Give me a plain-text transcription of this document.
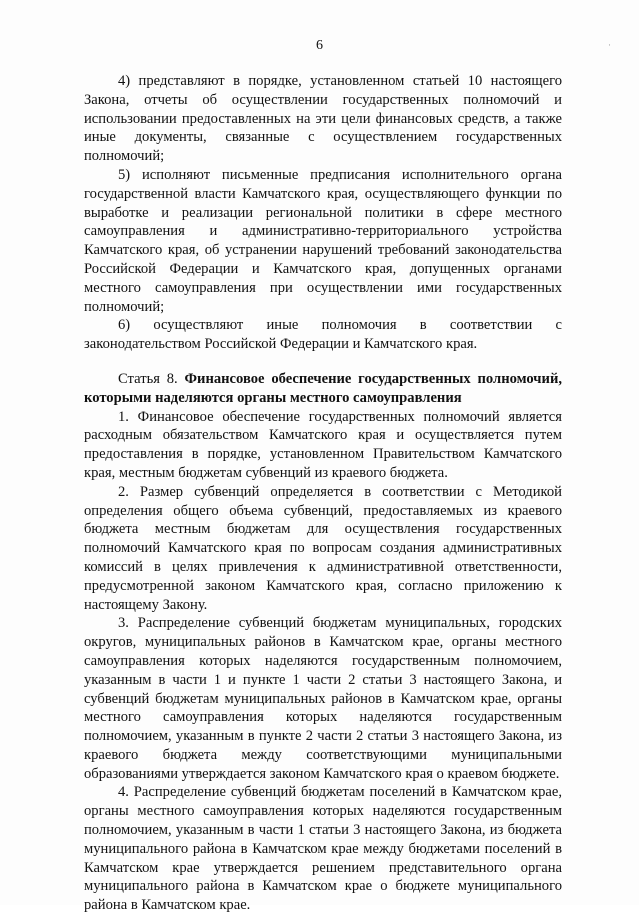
·
6

4) представляют в порядке, установленном статьей 10 настоящего Закона, отчеты об осуществлении государственных полномочий и использовании предоставленных на эти цели финансовых средств, а также иные документы, связанные с осуществлением государственных полномочий;

5) исполняют письменные предписания исполнительного органа государственной власти Камчатского края, осуществляющего функции по выработке и реализации региональной политики в сфере местного самоуправления и административно-территориального устройства Камчатского края, об устранении нарушений требований законодательства Российской Федерации и Камчатского края, допущенных органами местного самоуправления при осуществлении ими государственных полномочий;

6) осуществляют иные полномочия в соответствии с законодательством Российской Федерации и Камчатского края.

Статья 8. Финансовое обеспечение государственных полномочий, которыми наделяются органы местного самоуправления

1. Финансовое обеспечение государственных полномочий является расходным обязательством Камчатского края и осуществляется путем предоставления в порядке, установленном Правительством Камчатского края, местным бюджетам субвенций из краевого бюджета.

2. Размер субвенций определяется в соответствии с Методикой определения общего объема субвенций, предоставляемых из краевого бюджета местным бюджетам для осуществления государственных полномочий Камчатского края по вопросам создания административных комиссий в целях привлечения к административной ответственности, предусмотренной законом Камчатского края, согласно приложению к настоящему Закону.

3. Распределение субвенций бюджетам муниципальных, городских округов, муниципальных районов в Камчатском крае, органы местного самоуправления которых наделяются государственным полномочием, указанным в части 1 и пункте 1 части 2 статьи 3 настоящего Закона, и субвенций бюджетам муниципальных районов в Камчатском крае, органы местного самоуправления которых наделяются государственным полномочием, указанным в пункте 2 части 2 статьи 3 настоящего Закона, из краевого бюджета между соответствующими муниципальными образованиями утверждается законом Камчатского края о краевом бюджете.

4. Распределение субвенций бюджетам поселений в Камчатском крае, органы местного самоуправления которых наделяются государственным полномочием, указанным в части 1 статьи 3 настоящего Закона, из бюджета муниципального района в Камчатском крае между бюджетами поселений в Камчатском крае утверждается решением представительного органа муниципального района в Камчатском крае о бюджете муниципального района в Камчатском крае.
